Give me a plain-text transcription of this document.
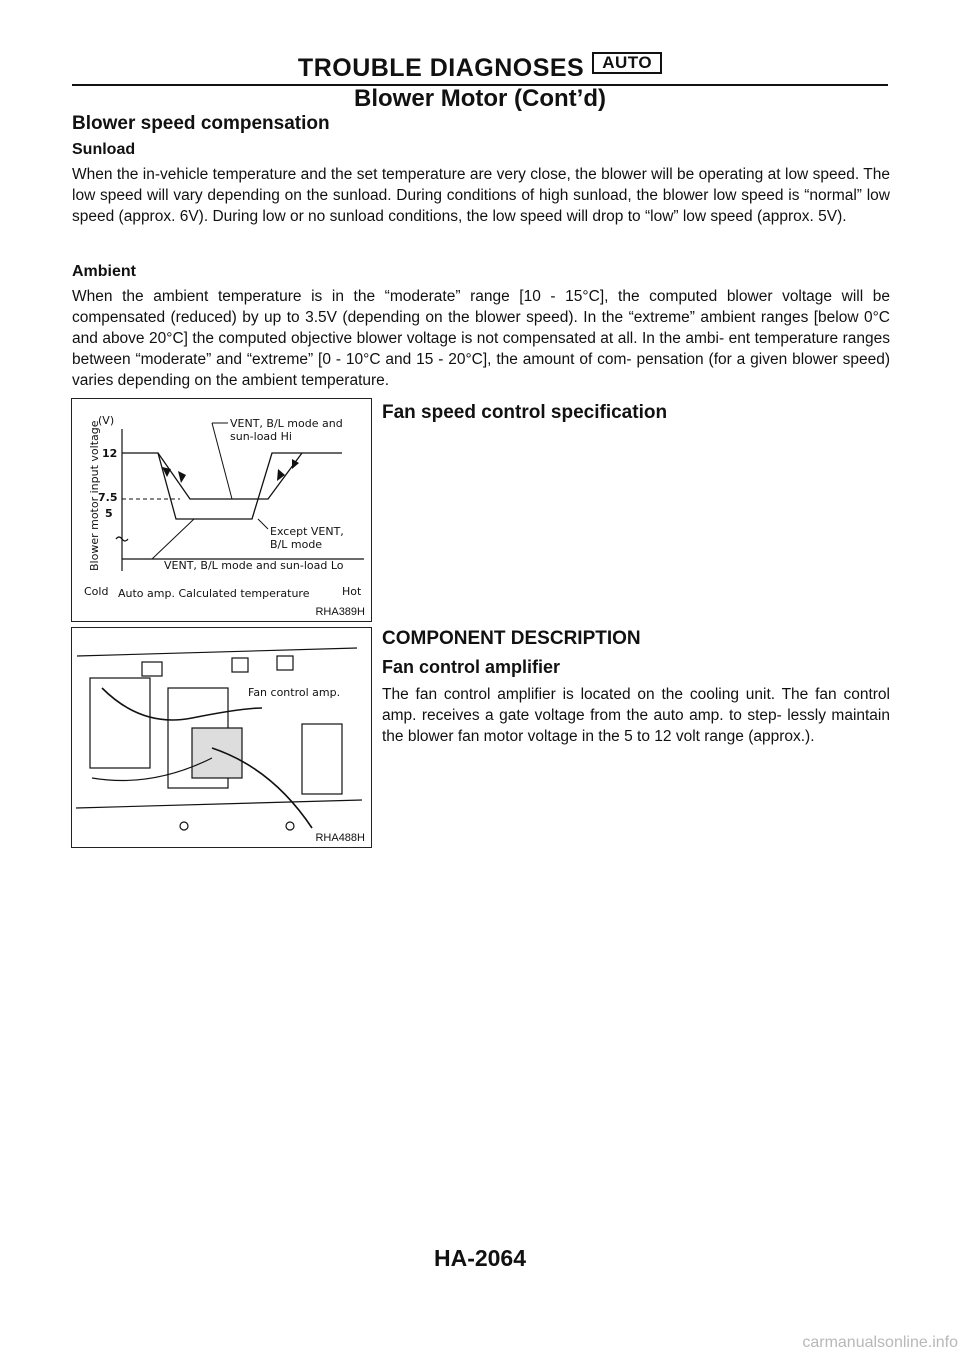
TROUBLE DIAGNOSES AUTO
Blower Motor (Cont’d)
Blower speed compensation
Sunload

When the in-vehicle temperature and the set temperature are very close, the blower will be operating at low speed. The low speed will vary depending on the sunload. During conditions of high sunload, the blower low speed is “normal” low speed (approx. 6V). During low or no sunload conditions, the low speed will drop to “low” low speed (approx. 5V).

Ambient

When the ambient temperature is in the “moderate” range [10 - 15°C], the computed blower voltage will be compensated (reduced) by up to 3.5V (depending on the blower speed). In the “extreme” ambient ranges [below 0°C and above 20°C] the computed objective blower voltage is not compensated at all. In the ambi- ent temperature ranges between “moderate” and “extreme” [0 - 10°C and 15 - 20°C], the amount of com- pensation (for a given blower speed) varies depending on the ambient temperature.

Blower motor input voltage
(V)
12
7.5
5
VENT, B/L mode and
sun-load Hi
Except VENT,
B/L mode
VENT, B/L mode and sun-load Lo
Cold Auto amp. Calculated temperature	Hot
RHA389H
Fan speed control specification
Fan control amp.
RHA488H
COMPONENT DESCRIPTION
Fan control amplifier

The fan control amplifier is located on the cooling unit. The fan control amp. receives a gate voltage from the auto amp. to step- lessly maintain the blower fan motor voltage in the 5 to 12 volt range (approx.).

HA-2064
carmanualsonline.info
